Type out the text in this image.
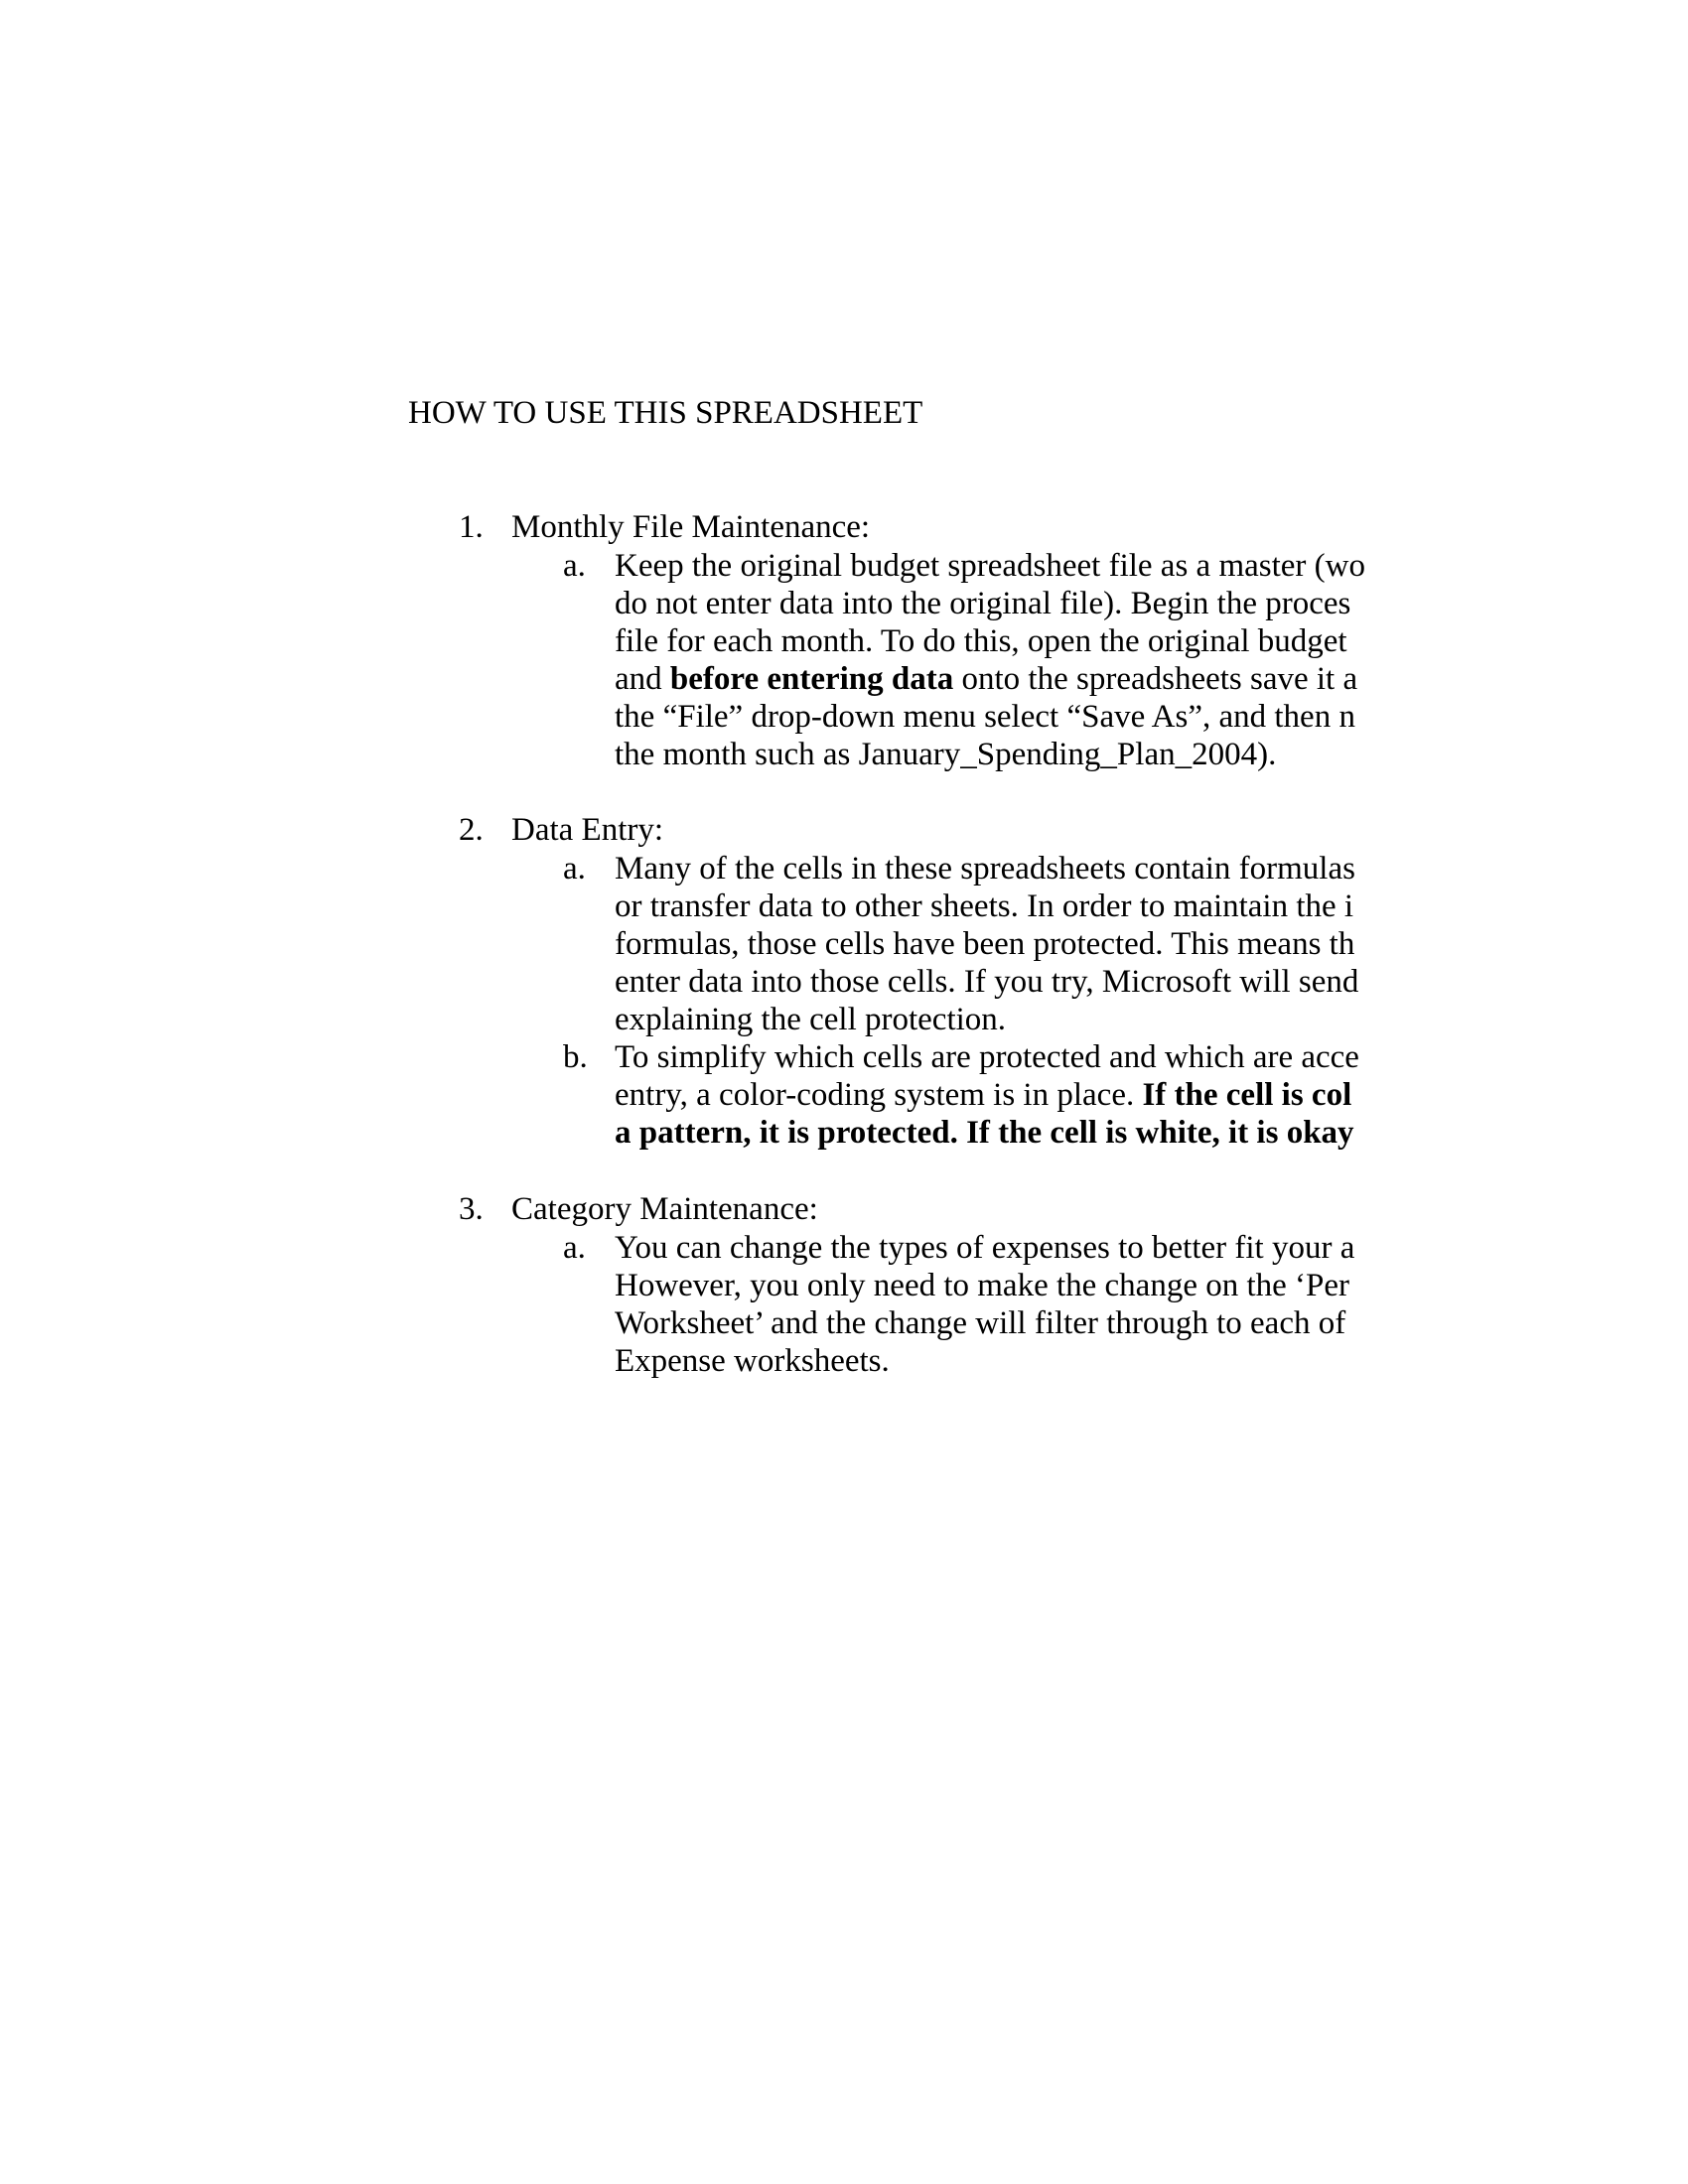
HOW TO USE THIS SPREADSHEET
1. Monthly File Maintenance:
a. Keep the original budget spreadsheet file as a master (wo
do not enter data into the original file). Begin the proces
file for each month. To do this, open the original budget
and before entering data onto the spreadsheets save it a
the “File” drop-down menu select “Save As”, and then n
the month such as January_Spending_Plan_2004).
2. Data Entry:
a. Many of the cells in these spreadsheets contain formulas
or transfer data to other sheets. In order to maintain the i
formulas, those cells have been protected. This means th
enter data into those cells. If you try, Microsoft will send
explaining the cell protection.
b. To simplify which cells are protected and which are acce
entry, a color-coding system is in place. If the cell is col
a pattern, it is protected. If the cell is white, it is okay
3. Category Maintenance:
a. You can change the types of expenses to better fit your a
However, you only need to make the change on the ‘Per
Worksheet’ and the change will filter through to each of
Expense worksheets.
